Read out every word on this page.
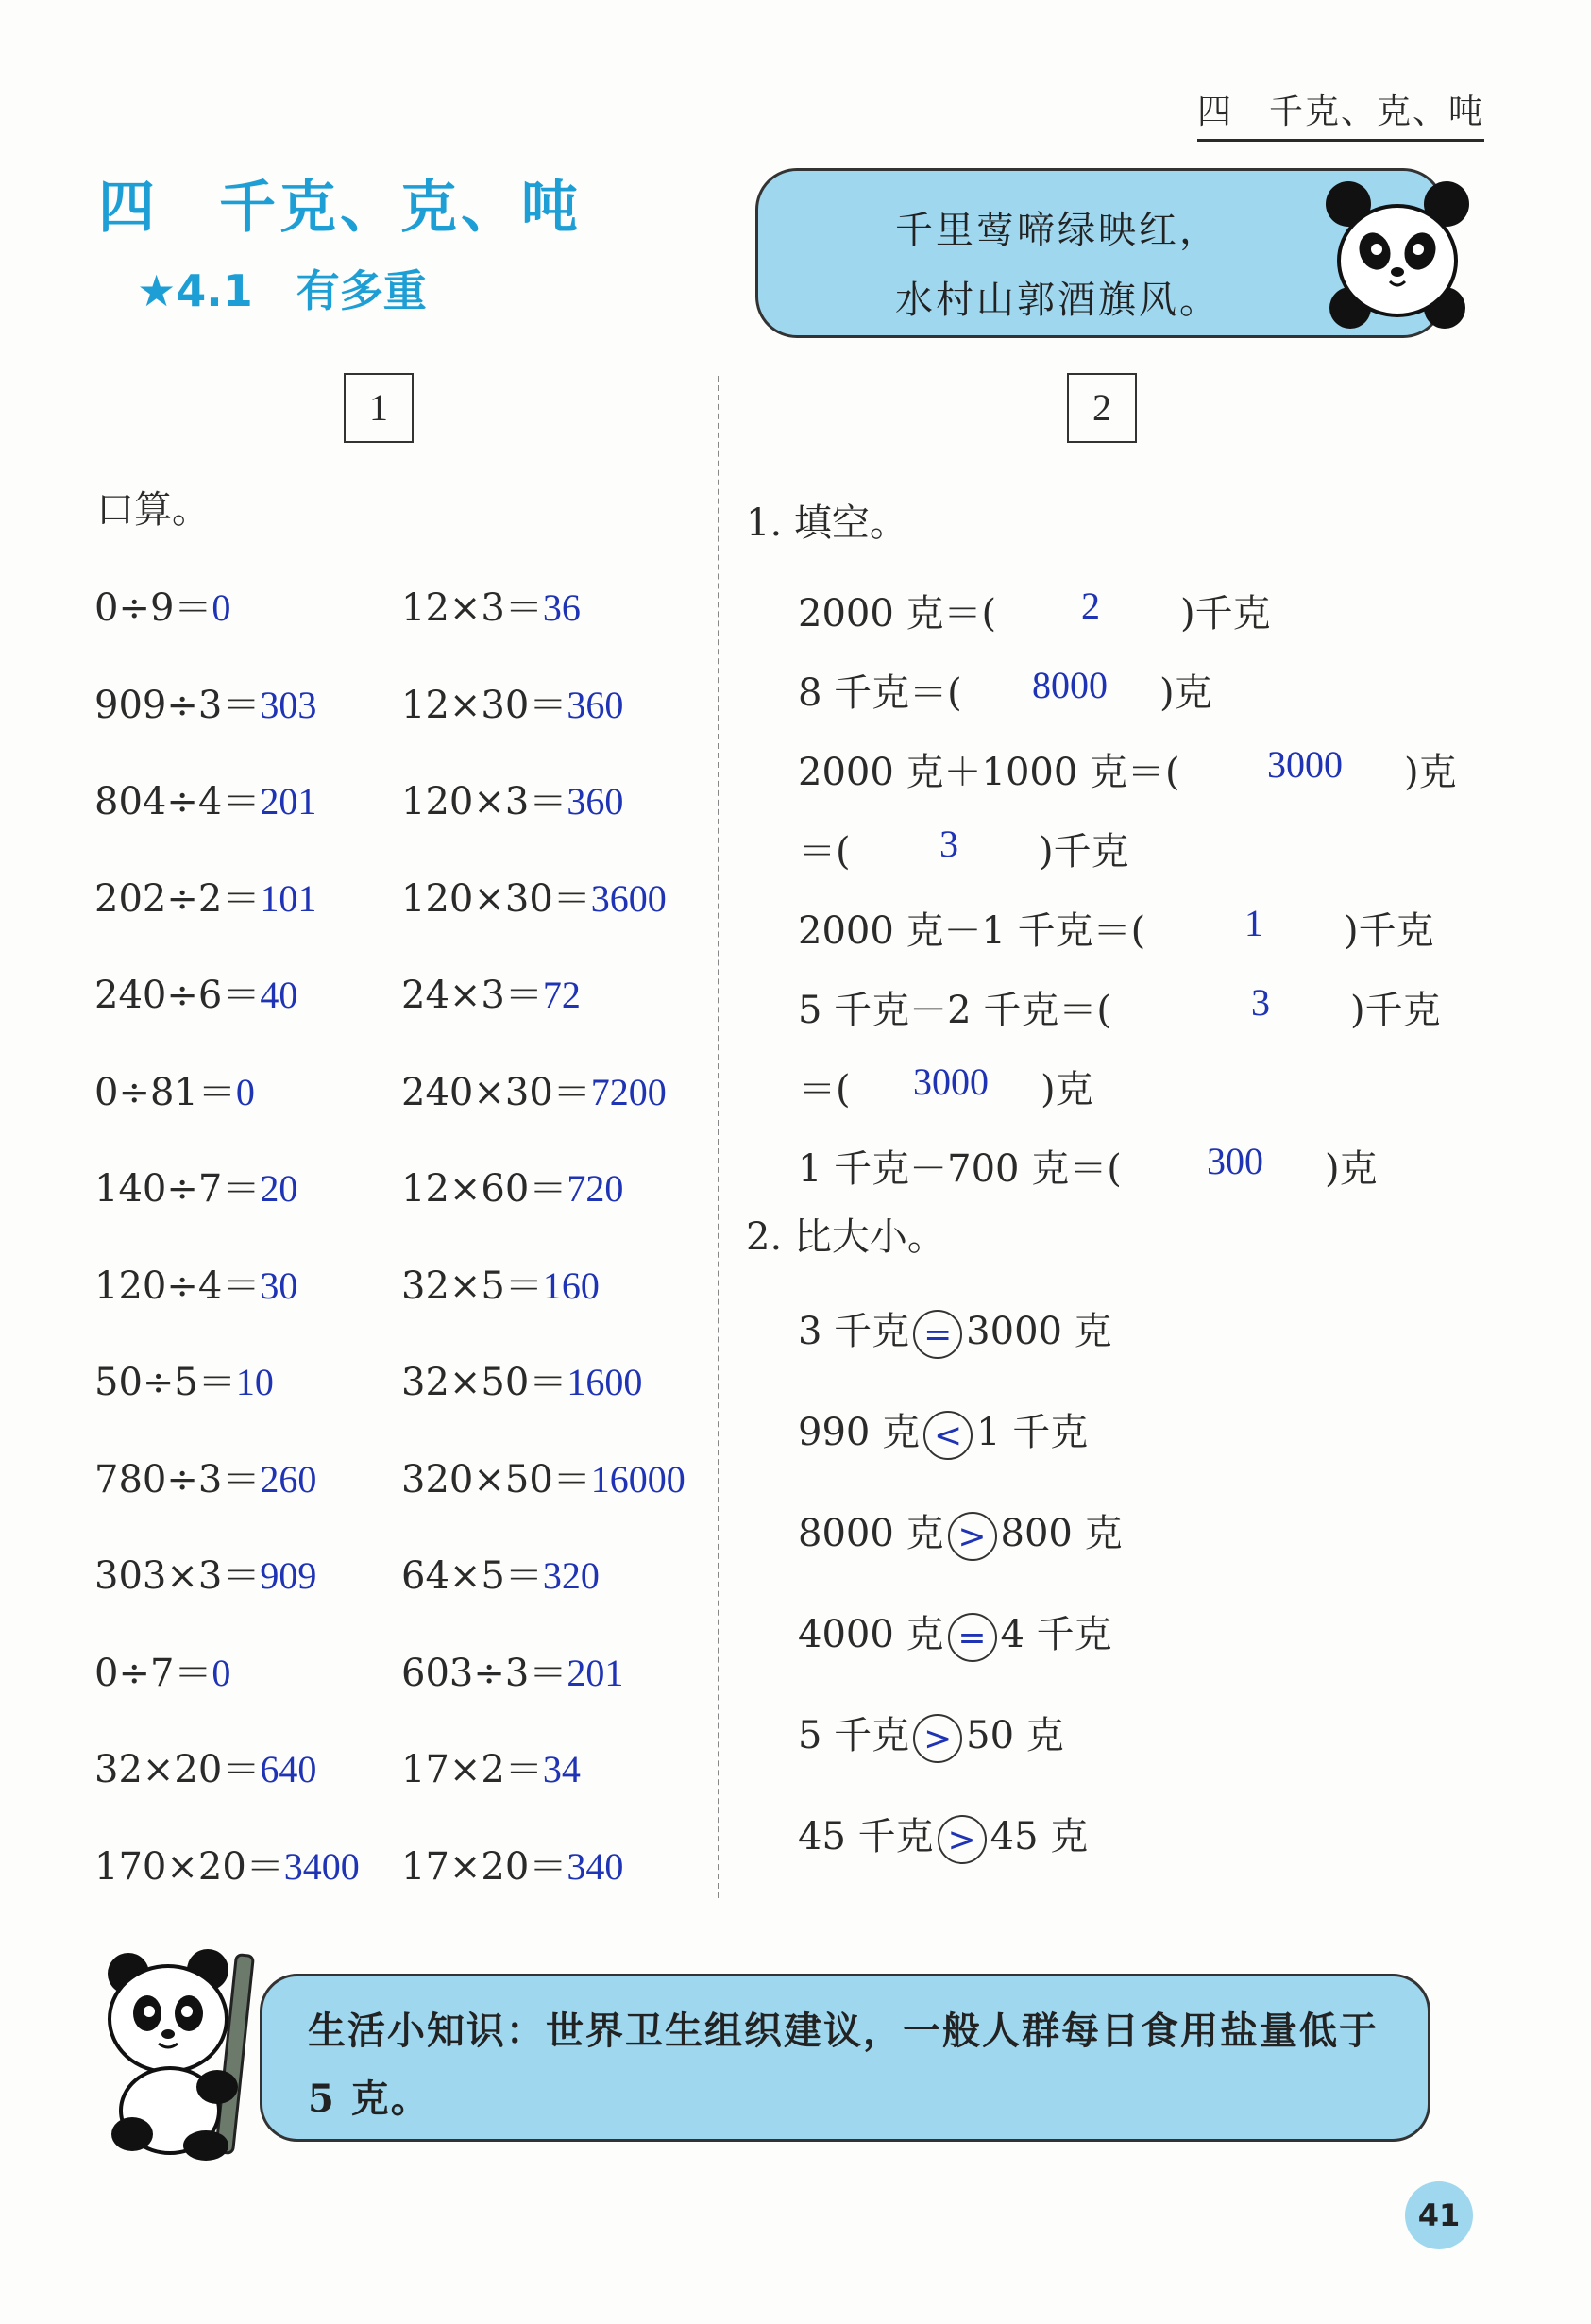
四　千克、克、吨
四　千克、克、吨
★4.1　有多重
千里莺啼绿映红，
水村山郭酒旗风。
1
口算。
0÷9＝0
909÷3＝303
804÷4＝201
202÷2＝101
240÷6＝40
0÷81＝0
140÷7＝20
120÷4＝30
50÷5＝10
780÷3＝260
303×3＝909
0÷7＝0
32×20＝640
170×20＝3400
12×3＝36
12×30＝360
120×3＝360
120×30＝3600
24×3＝72
240×30＝7200
12×60＝720
32×5＝160
32×50＝1600
320×50＝16000
64×5＝320
603÷3＝201
17×2＝34
17×20＝340
2
1. 填空。
2000 克＝( 2 )千克
8 千克＝( 8000 )克
2000 克＋1000 克＝( 3000 )克
＝( 3 )千克
2000 克－1 千克＝(	1 )千克
5 千克－2 千克＝(	3 )千克
＝( 3000 )克
1 千克－700 克＝( 300 )克
2. 比大小。
3 千克 = 3000 克
990 克 < 1 千克
8000 克 > 800 克
4000 克 = 4 千克
5 千克 > 50 克
45 千克 > 45 克
生活小知识：世界卫生组织建议，一般人群每日食用盐量低于 5 克。
41
